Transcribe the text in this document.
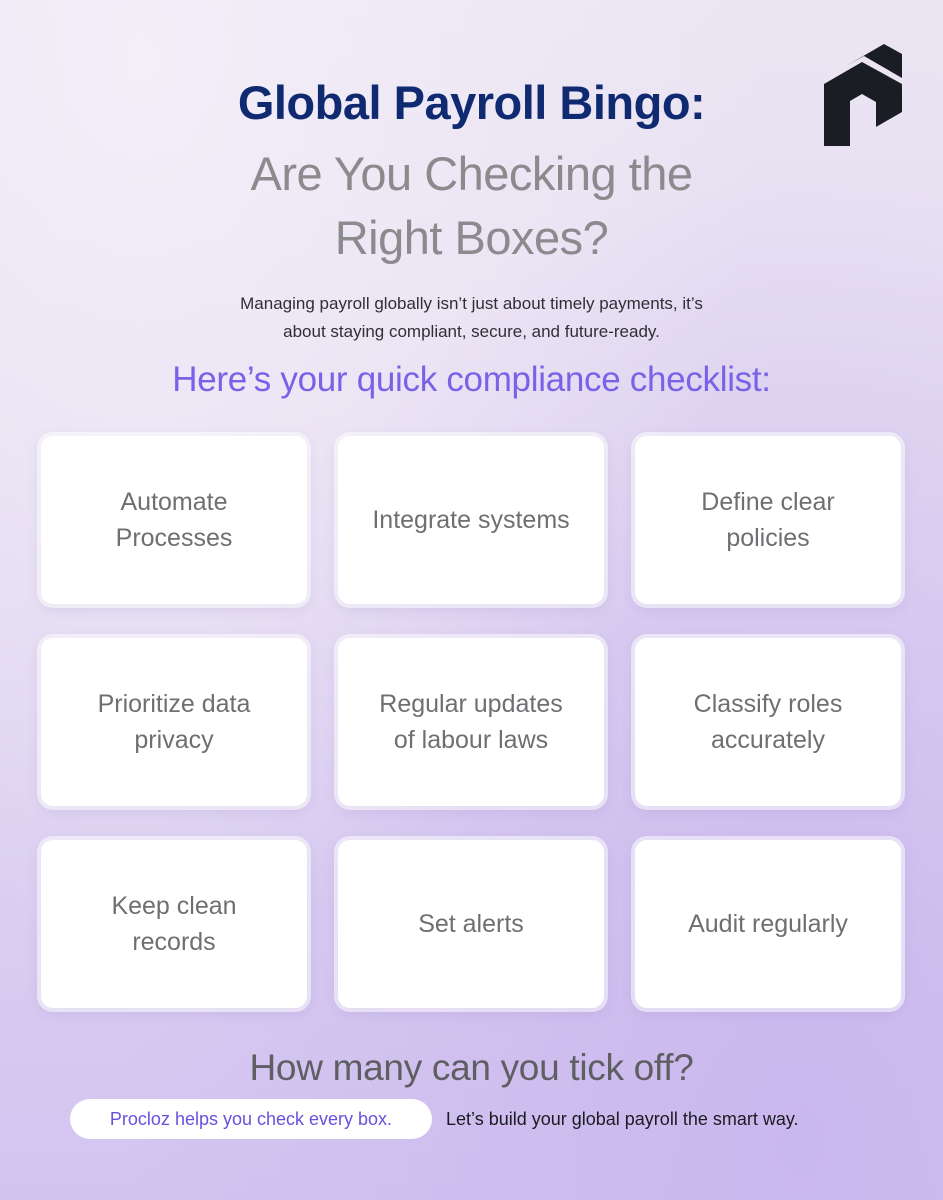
Global Payroll Bingo:
Are You Checking the
Right Boxes?
Managing payroll globally isn’t just about timely payments, it’s
about staying compliant, secure, and future-ready.
Here’s your quick compliance checklist:
Automate Processes
Integrate systems
Define clear policies
Prioritize data privacy
Regular updates of labour laws
Classify roles accurately
Keep clean records
Set alerts	Audit regularly
How many can you tick off?
Procloz helps you check every box.	Let’s build your global payroll the smart way.
